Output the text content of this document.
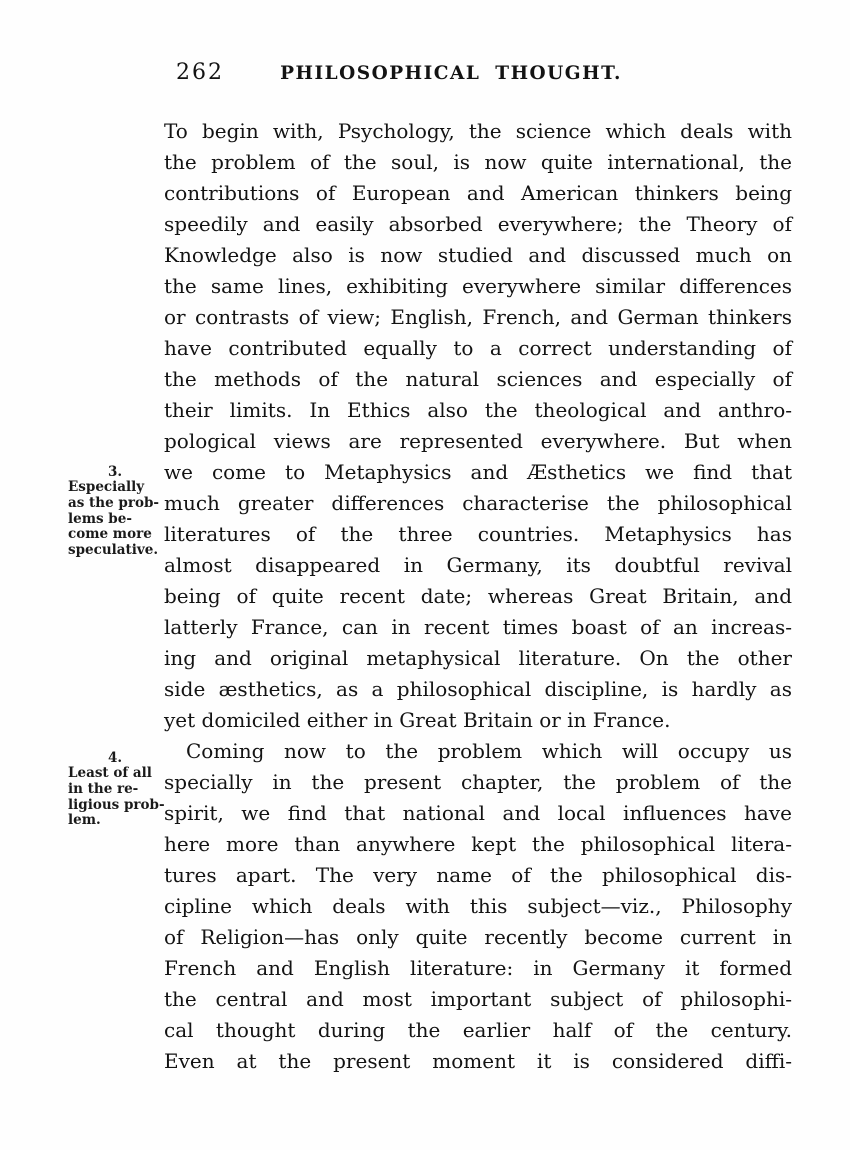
262	PHILOSOPHICAL THOUGHT.
3.
Especially
as the prob-
lems be-
come more
speculative.
4.
Least of all
in the re-
ligious prob-
lem.
To begin with, Psychology, the science which deals with
the problem of the soul, is now quite international, the
contributions of European and American thinkers being
speedily and easily absorbed everywhere; the Theory of
Knowledge also is now studied and discussed much on
the same lines, exhibiting everywhere similar differences
or contrasts of view; English, French, and German thinkers
have contributed equally to a correct understanding of
the methods of the natural sciences and especially of
their limits. In Ethics also the theological and anthro-
pological views are represented everywhere. But when
we come to Metaphysics and Æsthetics we find that
much greater differences characterise the philosophical
literatures of the three countries. Metaphysics has
almost disappeared in Germany, its doubtful revival
being of quite recent date; whereas Great Britain, and
latterly France, can in recent times boast of an increas-
ing and original metaphysical literature. On the other
side æsthetics, as a philosophical discipline, is hardly as
yet domiciled either in Great Britain or in France.
Coming now to the problem which will occupy us
specially in the present chapter, the problem of the
spirit, we find that national and local influences have
here more than anywhere kept the philosophical litera-
tures apart. The very name of the philosophical dis-
cipline which deals with this subject—viz., Philosophy
of Religion—has only quite recently become current in
French and English literature: in Germany it formed
the central and most important subject of philosophi-
cal thought during the earlier half of the century.
Even at the present moment it is considered diffi-
